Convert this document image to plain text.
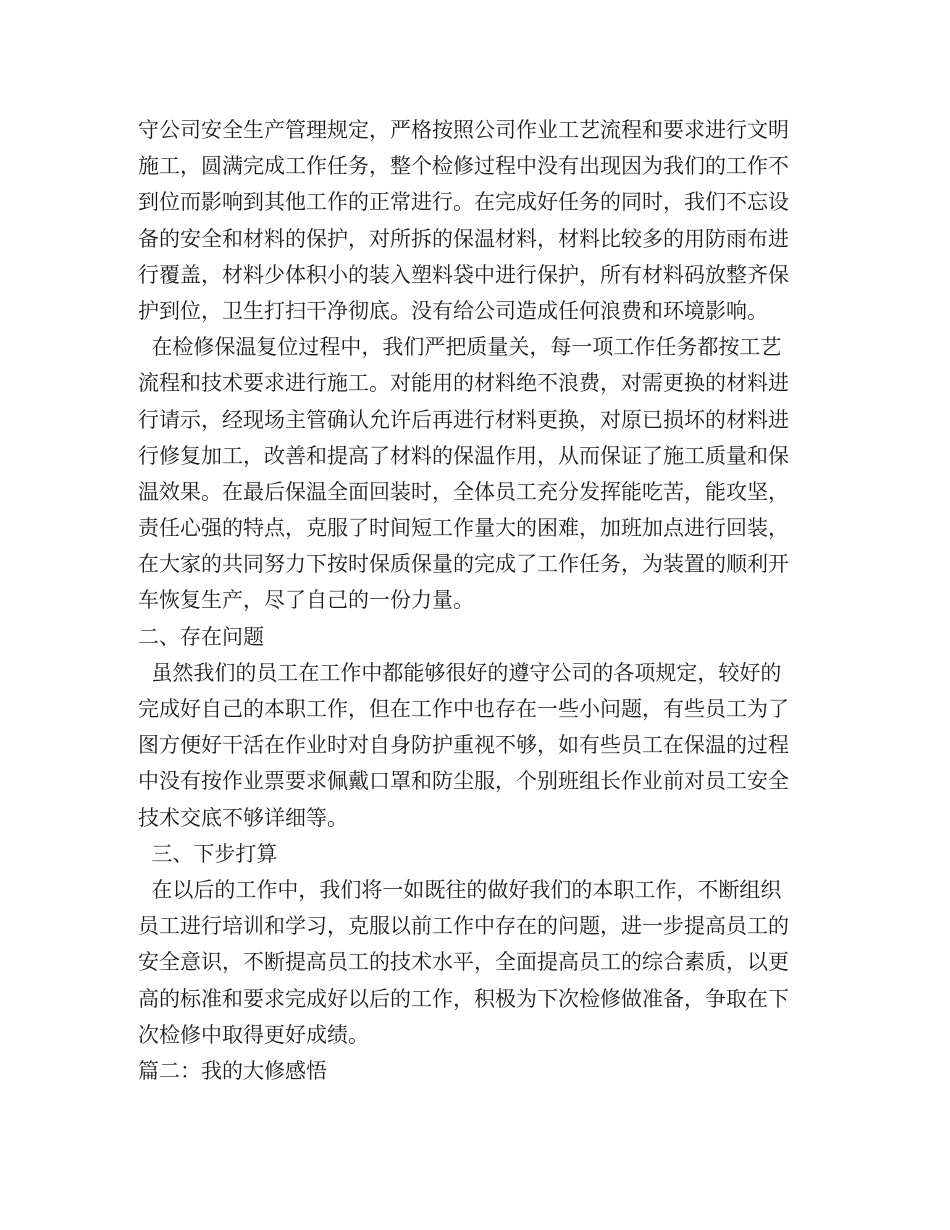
守公司安全生产管理规定，严格按照公司作业工艺流程和要求进行文明
施工，圆满完成工作任务，整个检修过程中没有出现因为我们的工作不
到位而影响到其他工作的正常进行。在完成好任务的同时，我们不忘设
备的安全和材料的保护，对所拆的保温材料，材料比较多的用防雨布进
行覆盖，材料少体积小的装入塑料袋中进行保护，所有材料码放整齐保
护到位，卫生打扫干净彻底。没有给公司造成任何浪费和环境影响。
在检修保温复位过程中，我们严把质量关，每一项工作任务都按工艺
流程和技术要求进行施工。对能用的材料绝不浪费，对需更换的材料进
行请示，经现场主管确认允许后再进行材料更换，对原已损坏的材料进
行修复加工，改善和提高了材料的保温作用，从而保证了施工质量和保
温效果。在最后保温全面回装时，全体员工充分发挥能吃苦，能攻坚，
责任心强的特点，克服了时间短工作量大的困难，加班加点进行回装，
在大家的共同努力下按时保质保量的完成了工作任务，为装置的顺利开
车恢复生产，尽了自己的一份力量。
二、存在问题
虽然我们的员工在工作中都能够很好的遵守公司的各项规定，较好的
完成好自己的本职工作，但在工作中也存在一些小问题，有些员工为了
图方便好干活在作业时对自身防护重视不够，如有些员工在保温的过程
中没有按作业票要求佩戴口罩和防尘服，个别班组长作业前对员工安全
技术交底不够详细等。
三、下步打算
在以后的工作中，我们将一如既往的做好我们的本职工作，不断组织
员工进行培训和学习，克服以前工作中存在的问题，进一步提高员工的
安全意识，不断提高员工的技术水平，全面提高员工的综合素质，以更
高的标准和要求完成好以后的工作，积极为下次检修做准备，争取在下
次检修中取得更好成绩。
篇二：我的大修感悟
